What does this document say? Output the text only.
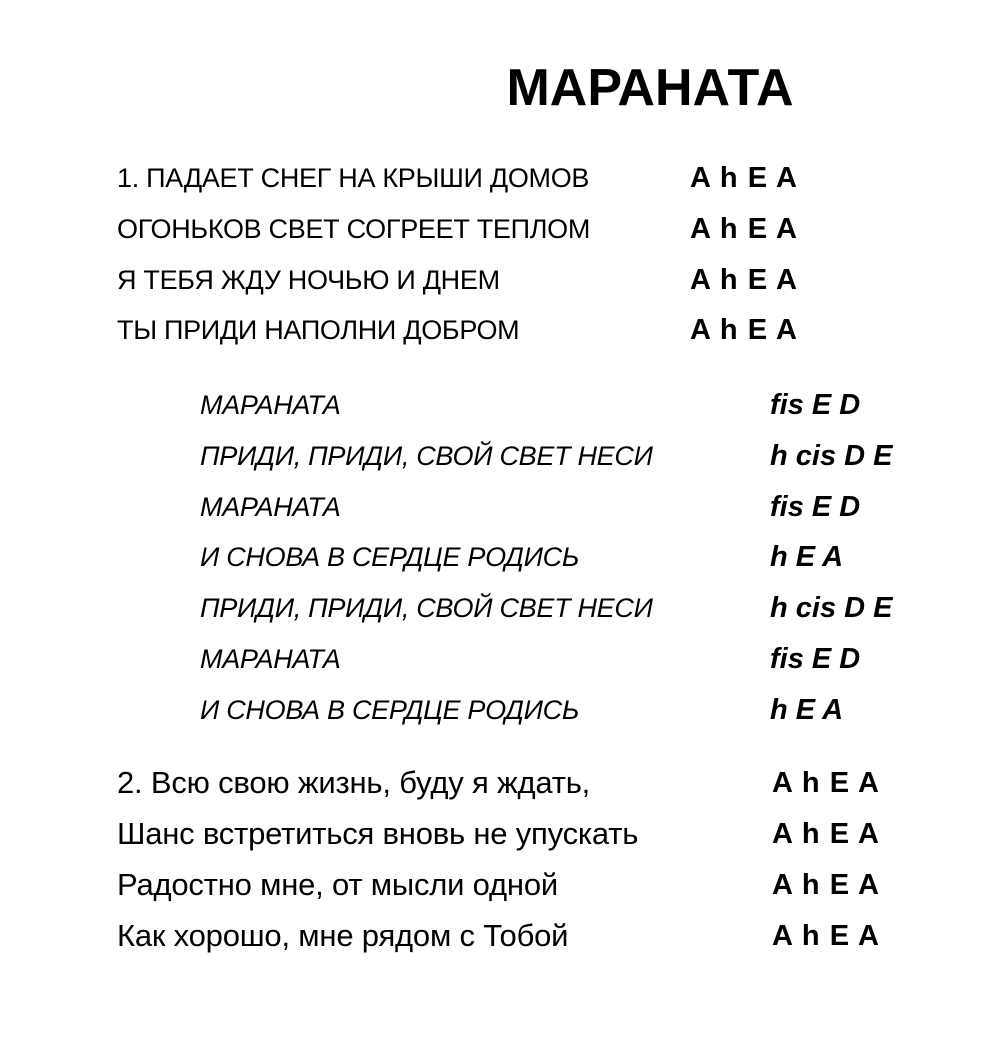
МАРАНАТА
1. ПАДАЕТ СНЕГ НА КРЫШИ ДОМОВ	A h E A
ОГОНЬКОВ СВЕТ СОГРЕЕТ ТЕПЛОМ	A h E A
Я ТЕБЯ ЖДУ НОЧЬЮ И ДНЕМ	A h E A
ТЫ ПРИДИ НАПОЛНИ ДОБРОМ	A h E A
МАРАНАТА	fis E D
ПРИДИ, ПРИДИ, СВОЙ СВЕТ НЕСИ	h cis D E
МАРАНАТА	fis E D
И СНОВА В СЕРДЦЕ РОДИСЬ	h E A
ПРИДИ, ПРИДИ, СВОЙ СВЕТ НЕСИ	h cis D E
МАРАНАТА	fis E D
И СНОВА В СЕРДЦЕ РОДИСЬ	h E A
2. Всю свою жизнь, буду я ждать,	A h E A
Шанс встретиться вновь не упускать	A h E A
Радостно мне, от мысли одной	A h E A
Как хорошо, мне рядом с Тобой	A h E A
